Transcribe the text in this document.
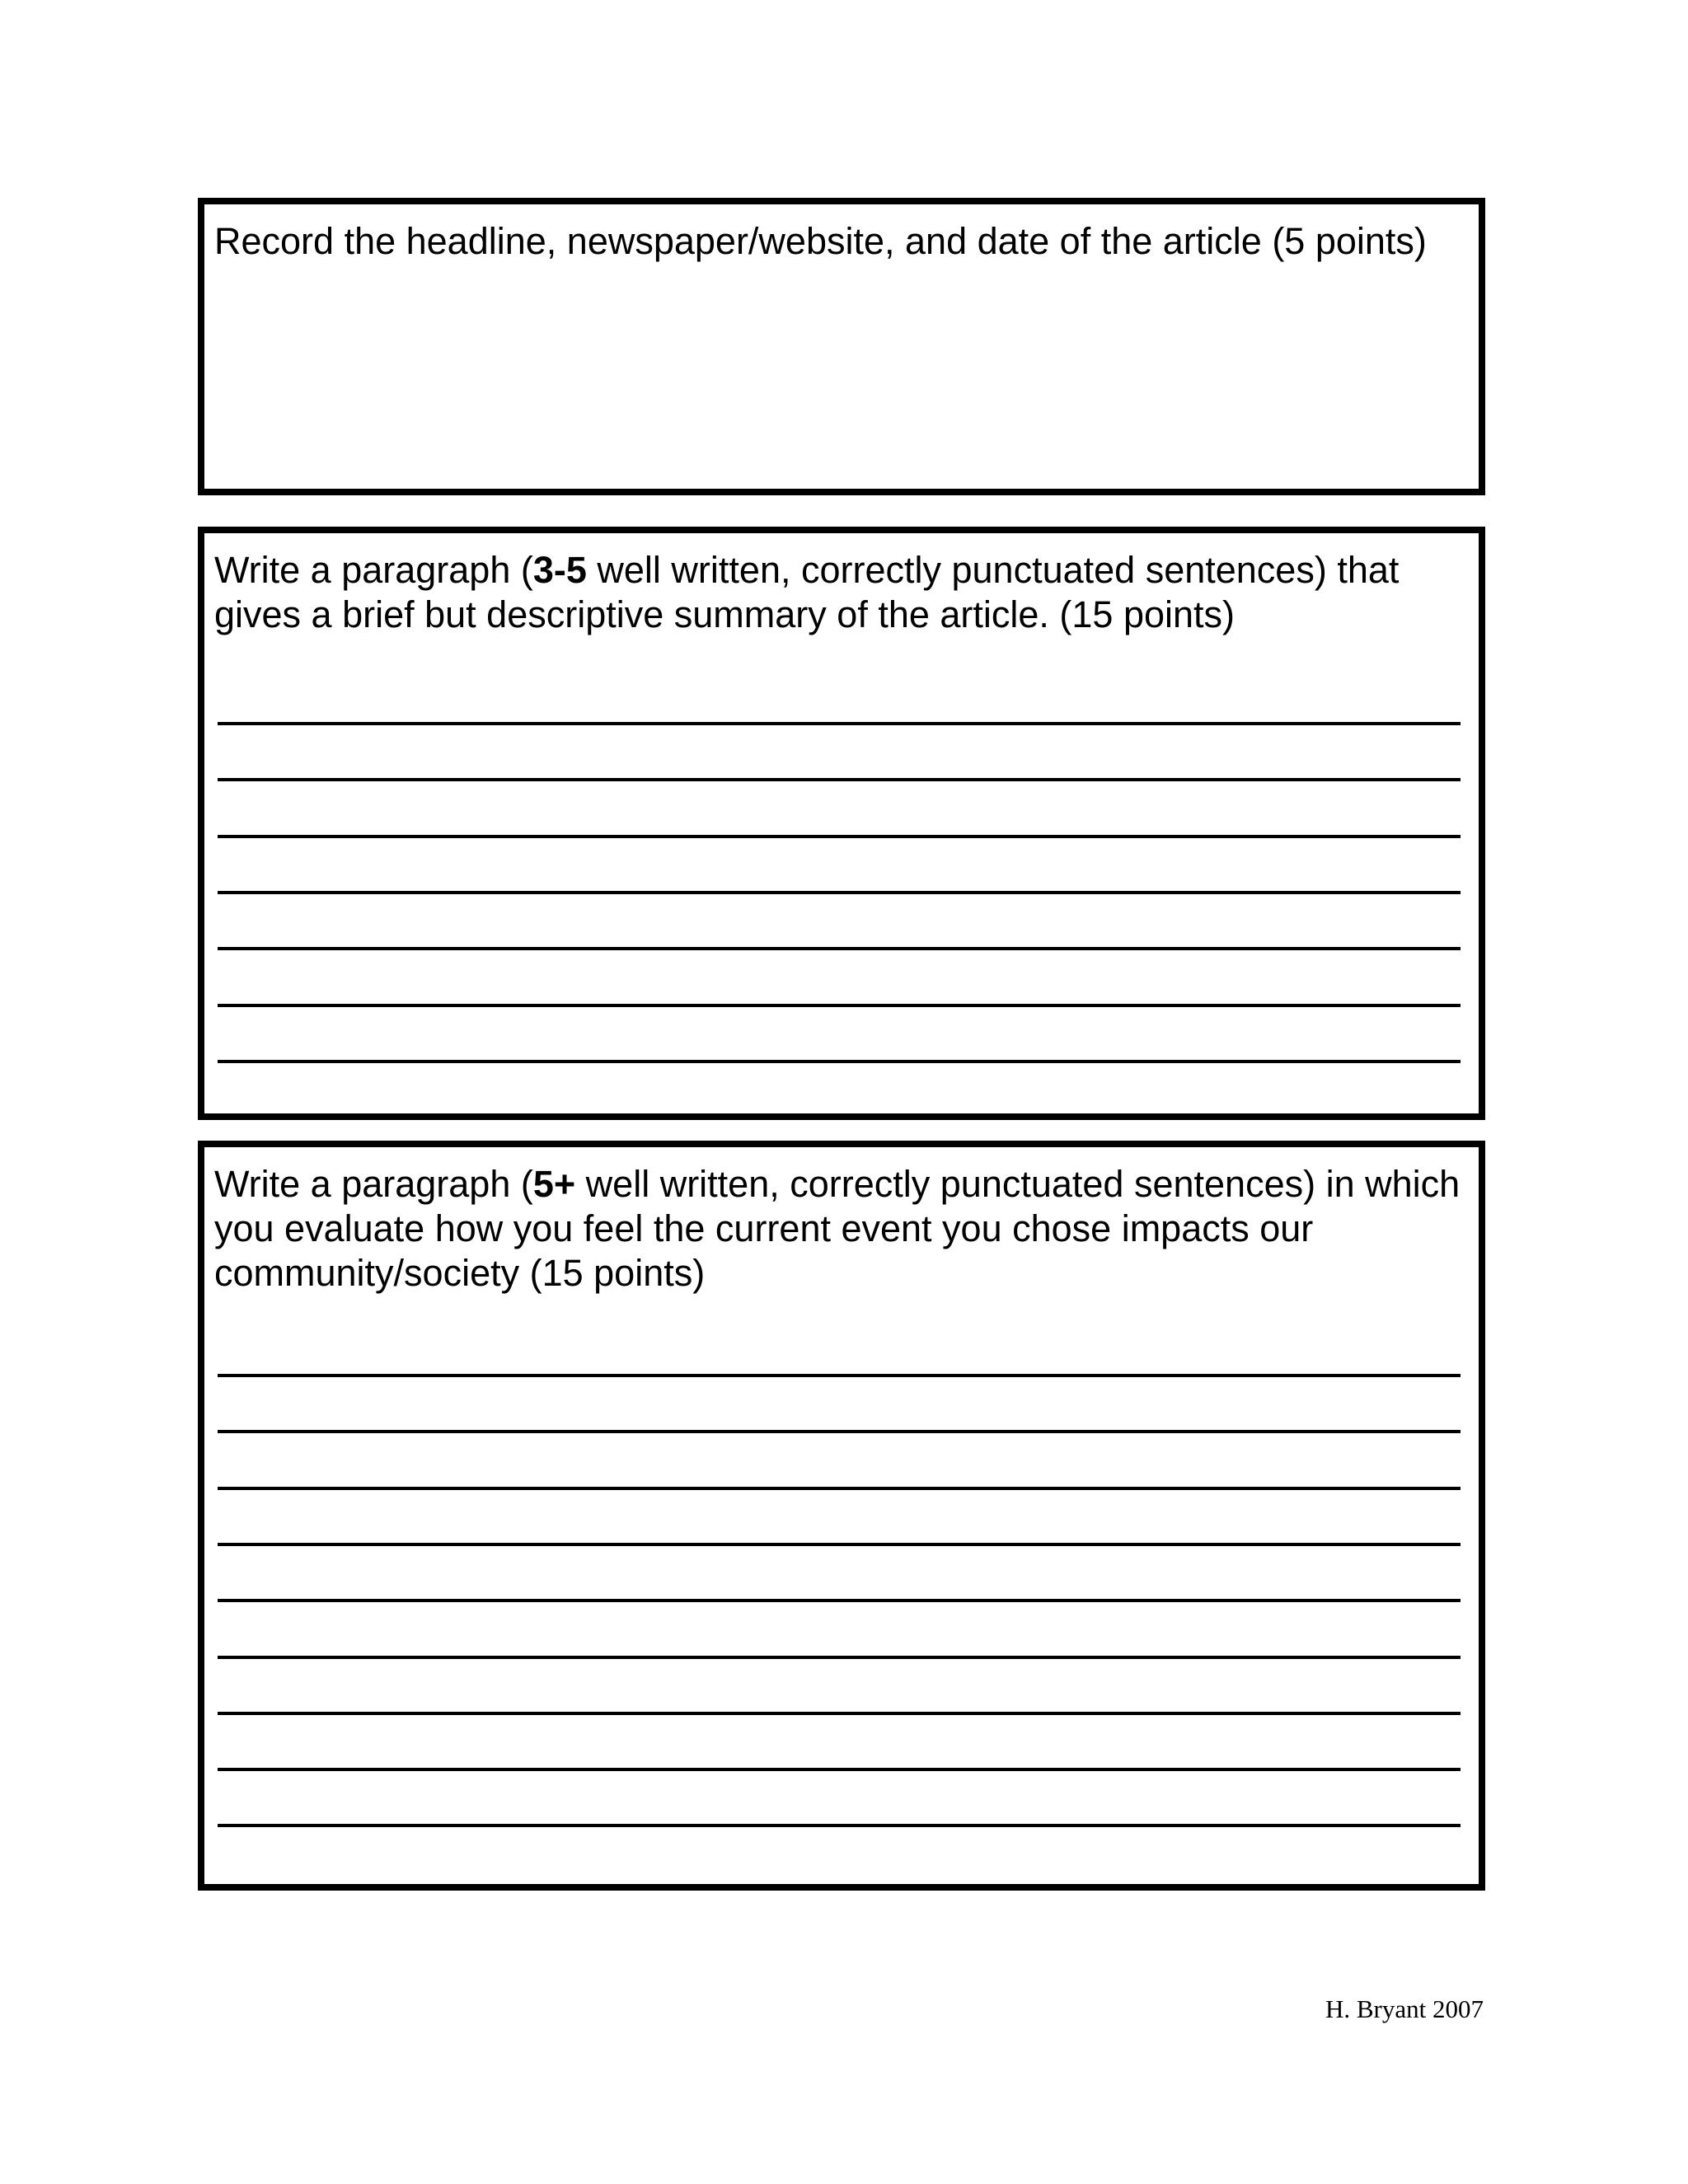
Record the headline, newspaper/website, and date of the article (5 points)

Write a paragraph (3-5 well written, correctly punctuated sentences) that gives a brief but descriptive summary of the article. (15 points)

Write a paragraph (5+ well written, correctly punctuated sentences) in which you evaluate how you feel the current event you chose impacts our community/society (15 points)

H. Bryant 2007
